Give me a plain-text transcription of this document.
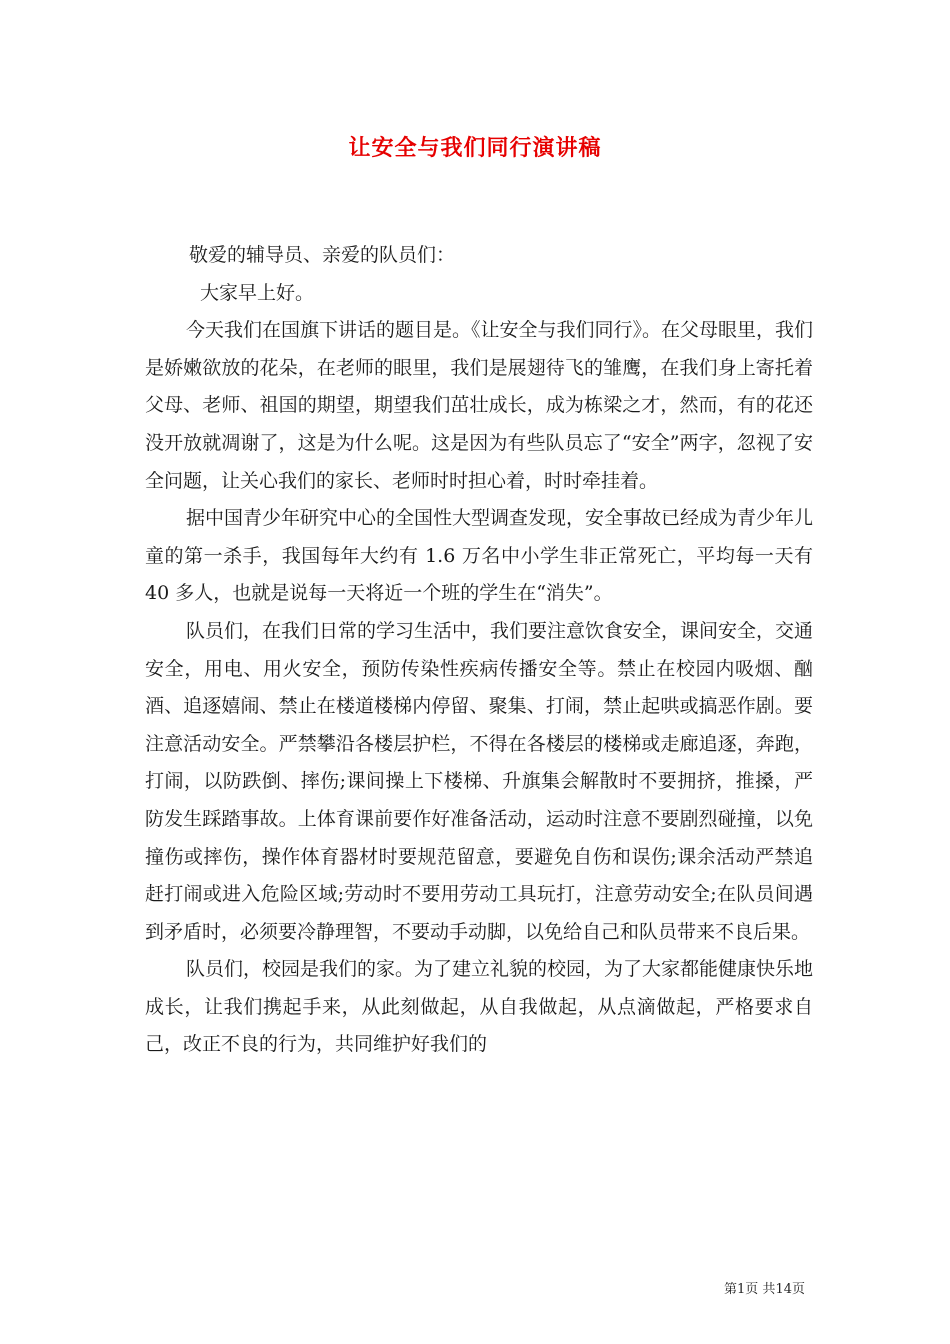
让安全与我们同行演讲稿

敬爱的辅导员、亲爱的队员们：

大家早上好。

今天我们在国旗下讲话的题目是。《让安全与我们同行》。在父母眼里，我们是娇嫩欲放的花朵，在老师的眼里，我们是展翅待飞的雏鹰，在我们身上寄托着父母、老师、祖国的期望，期望我们茁壮成长，成为栋梁之才，然而，有的花还没开放就凋谢了，这是为什么呢。这是因为有些队员忘了“安全”两字，忽视了安全问题，让关心我们的家长、老师时时担心着，时时牵挂着。

据中国青少年研究中心的全国性大型调查发现，安全事故已经成为青少年儿童的第一杀手，我国每年大约有 1.6 万名中小学生非正常死亡，平均每一天有 40 多人，也就是说每一天将近一个班的学生在“消失”。

队员们，在我们日常的学习生活中，我们要注意饮食安全，课间安全，交通安全，用电、用火安全，预防传染性疾病传播安全等。禁止在校园内吸烟、酗酒、追逐嬉闹、禁止在楼道楼梯内停留、聚集、打闹，禁止起哄或搞恶作剧。要注意活动安全。严禁攀沿各楼层护栏，不得在各楼层的楼梯或走廊追逐，奔跑，打闹，以防跌倒、摔伤;课间操上下楼梯、升旗集会解散时不要拥挤，推搡，严防发生踩踏事故。上体育课前要作好准备活动，运动时注意不要剧烈碰撞，以免撞伤或摔伤，操作体育器材时要规范留意，要避免自伤和误伤;课余活动严禁追赶打闹或进入危险区域;劳动时不要用劳动工具玩打，注意劳动安全;在队员间遇到矛盾时，必须要冷静理智，不要动手动脚，以免给自己和队员带来不良后果。

队员们，校园是我们的家。为了建立礼貌的校园，为了大家都能健康快乐地成长，让我们携起手来，从此刻做起，从自我做起，从点滴做起，严格要求自己，改正不良的行为，共同维护好我们的

第1页 共14页
